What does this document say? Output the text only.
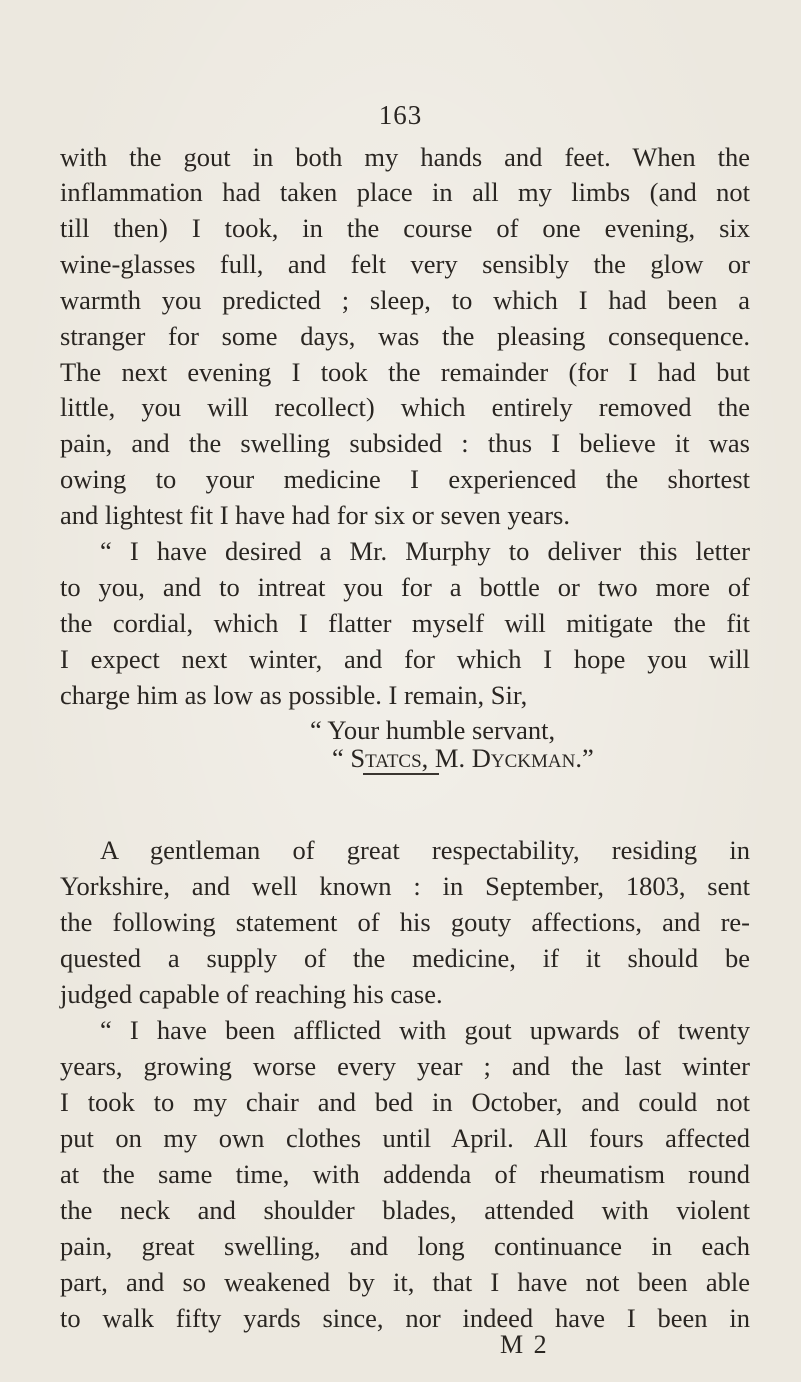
163
with the gout in both my hands and feet. When the
inflammation had taken place in all my limbs (and not
till then) I took, in the course of one evening, six
wine-glasses full, and felt very sensibly the glow or
warmth you predicted ; sleep, to which I had been a
stranger for some days, was the pleasing consequence.
The next evening I took the remainder (for I had but
little, you will recollect) which entirely removed the
pain, and the swelling subsided : thus I believe it was
owing to your medicine I experienced the shortest
and lightest fit I have had for six or seven years.
“ I have desired a Mr. Murphy to deliver this letter
to you, and to intreat you for a bottle or two more of
the cordial, which I flatter myself will mitigate the fit
I expect next winter, and for which I hope you will
charge him as low as possible. I remain, Sir,
“ Your humble servant,
“ Statcs, M. Dyckman.”
A gentleman of great respectability, residing in
Yorkshire, and well known : in September, 1803, sent
the following statement of his gouty affections, and re-
quested a supply of the medicine, if it should be
judged capable of reaching his case.
“ I have been afflicted with gout upwards of twenty
years, growing worse every year ; and the last winter
I took to my chair and bed in October, and could not
put on my own clothes until April. All fours affected
at the same time, with addenda of rheumatism round
the neck and shoulder blades, attended with violent
pain, great swelling, and long continuance in each
part, and so weakened by it, that I have not been able
to walk fifty yards since, nor indeed have I been in
M 2
